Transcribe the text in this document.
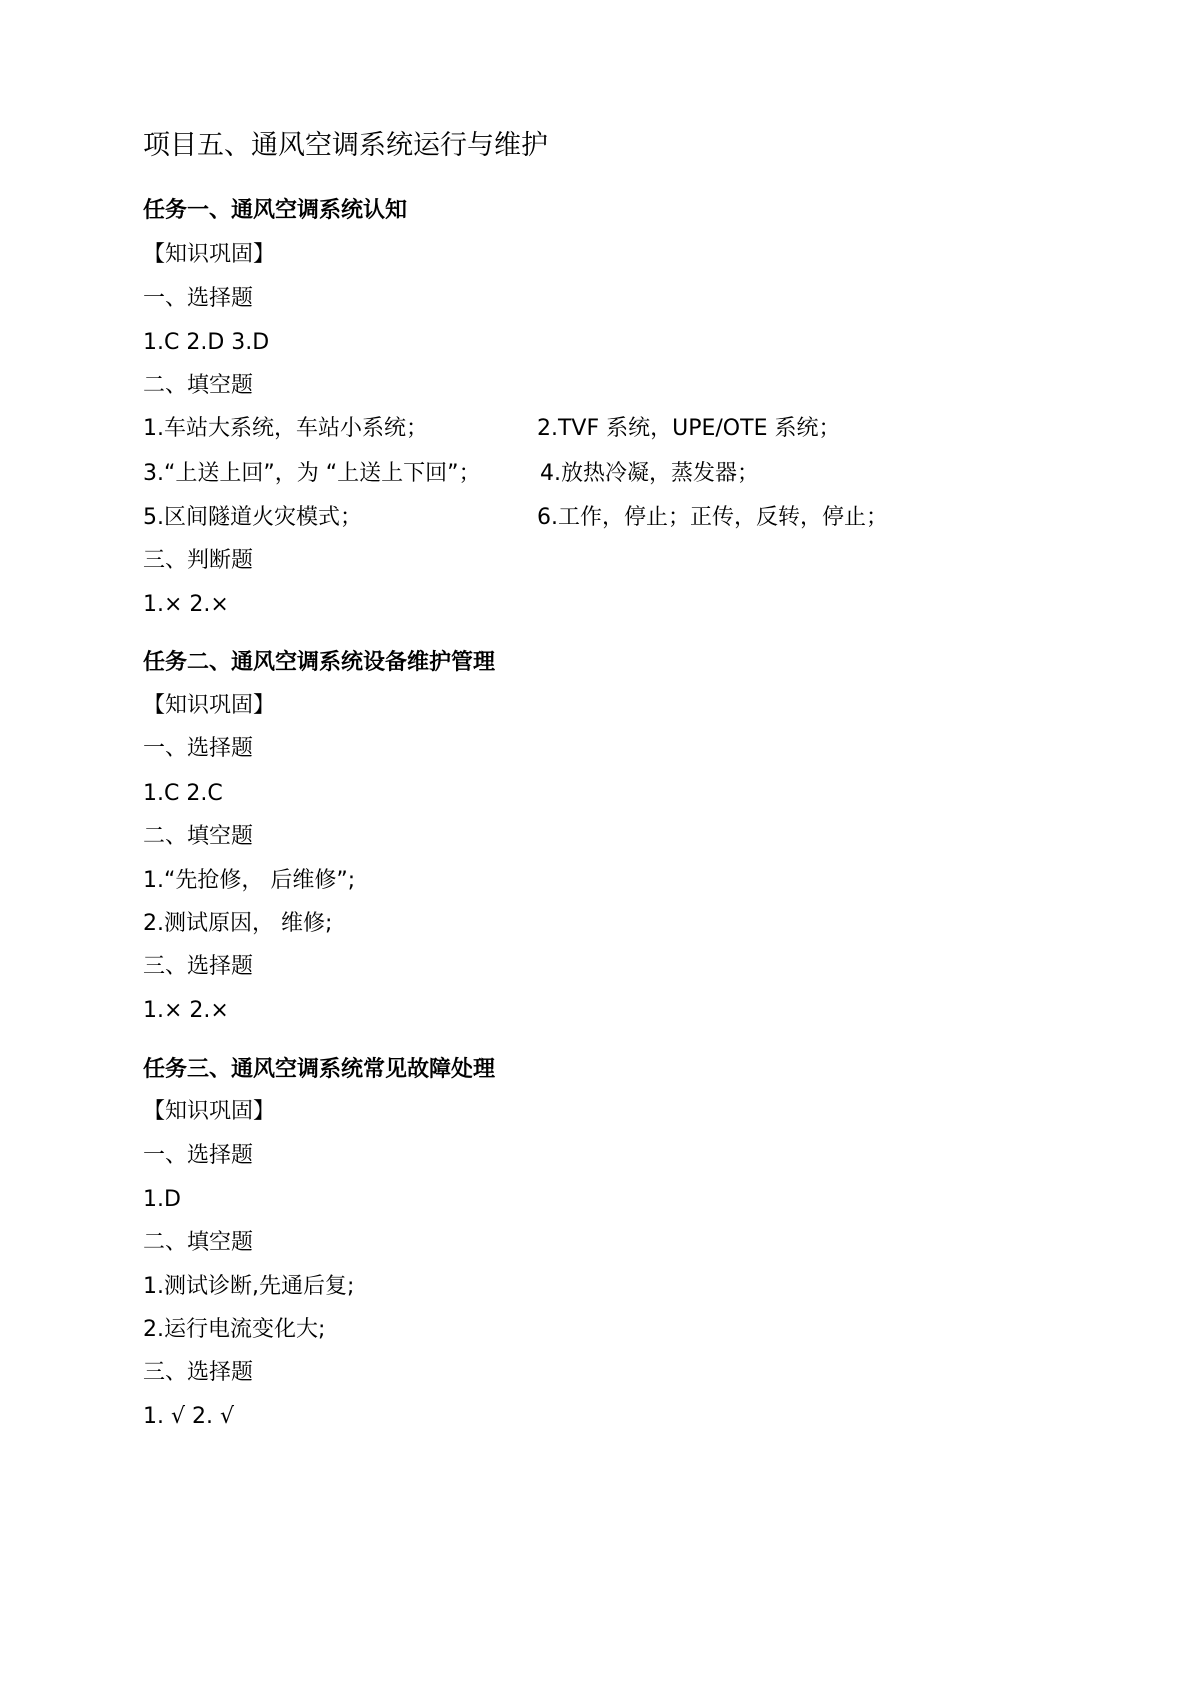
项目五、通风空调系统运行与维护
任务一、通风空调系统认知
【知识巩固】
一、选择题
1.C 2.D 3.D
二、填空题
1.车站大系统，车站小系统；	2.TVF 系统，UPE/OTE 系统；
3.“上送上回”，为 “上送上下回”；	4.放热冷凝，蒸发器；
5.区间隧道火灾模式；	6.工作，停止；正传，反转，停止；
三、判断题
1.× 2.×
任务二、通风空调系统设备维护管理
【知识巩固】
一、选择题
1.C 2.C
二、填空题
1.“先抢修， 后维修”;
2.测试原因， 维修;
三、选择题
1.× 2.×
任务三、通风空调系统常见故障处理
【知识巩固】
一、选择题
1.D
二、填空题
1.测试诊断,先通后复;
2.运行电流变化大;
三、选择题
1. √ 2. √
